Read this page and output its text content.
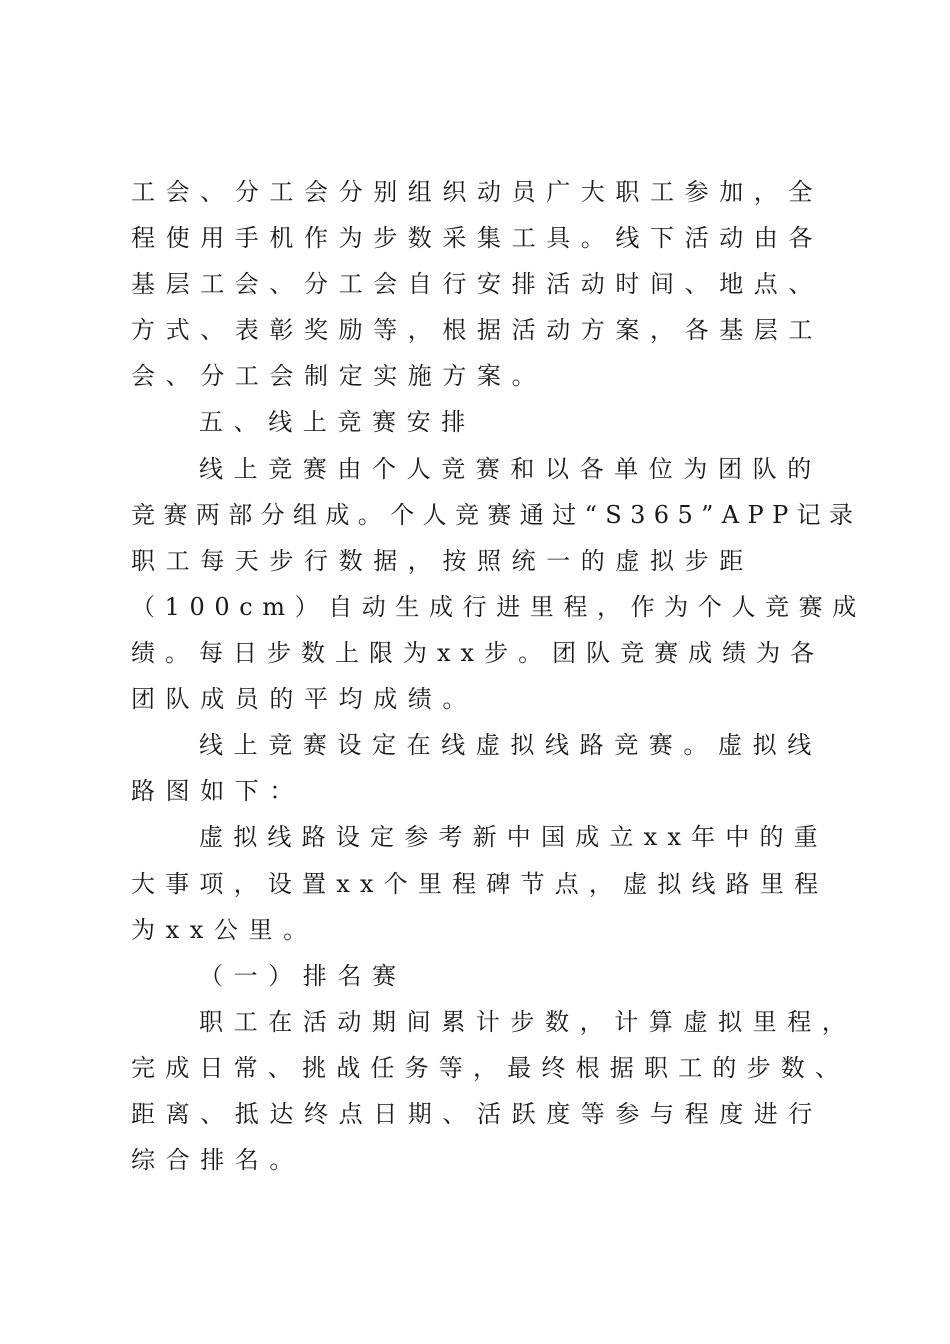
工会、分工会分别组织动员广大职工参加，全
程使用手机作为步数采集工具。线下活动由各
基层工会、分工会自行安排活动时间、地点、
方式、表彰奖励等，根据活动方案，各基层工
会、分工会制定实施方案。
五、线上竞赛安排
线上竞赛由个人竞赛和以各单位为团队的
竞赛两部分组成。个人竞赛通过“S365”APP记录
职工每天步行数据，按照统一的虚拟步距
（100cm）自动生成行进里程，作为个人竞赛成
绩。每日步数上限为xx步。团队竞赛成绩为各
团队成员的平均成绩。
线上竞赛设定在线虚拟线路竞赛。虚拟线
路图如下：
虚拟线路设定参考新中国成立xx年中的重
大事项，设置xx个里程碑节点，虚拟线路里程
为xx公里。
（一）排名赛
职工在活动期间累计步数，计算虚拟里程，
完成日常、挑战任务等，最终根据职工的步数、
距离、抵达终点日期、活跃度等参与程度进行
综合排名。
